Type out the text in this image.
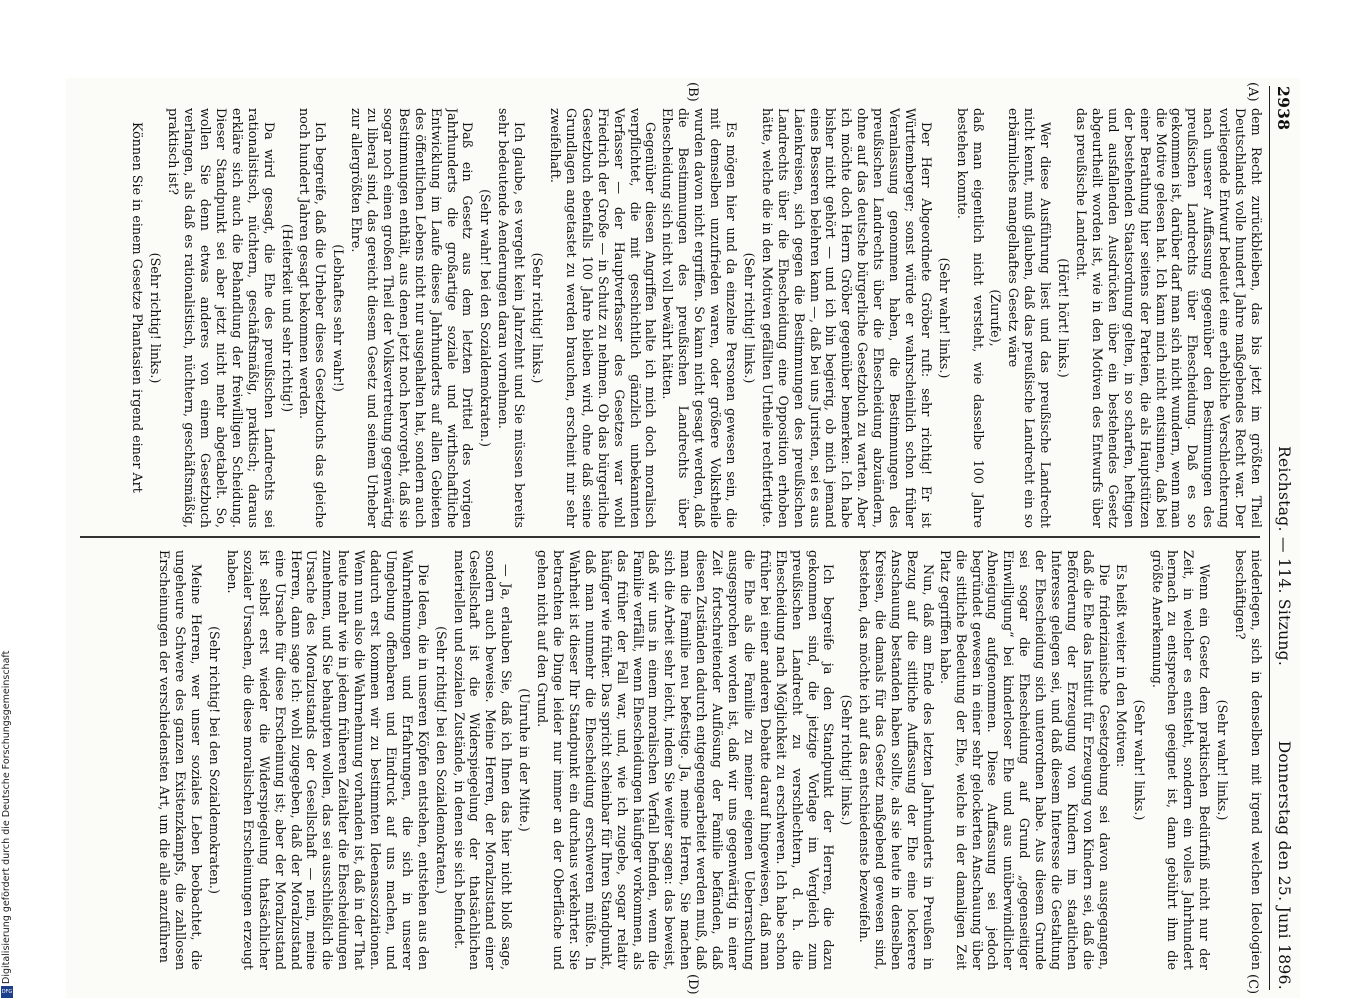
2938
Reichstag. — 114. Sitzung.
Donnerstag den 25. Juni 1896.
(A)
(B)
(C)
(D)

dem Recht zurückbleiben, das bis jetzt im größten Theil Deutschlands volle hundert Jahre maßgebendes Recht war. Der vorliegende Entwurf bedeutet eine erhebliche Verschlechterung nach unserer Auffassung gegenüber den Bestimmungen des preußischen Landrechts über Ehescheidung. Daß es so gekommen ist, darüber darf man sich nicht wundern, wenn man die Motive gelesen hat. Ich kann mich nicht entsinnen, daß bei einer Berathung hier seitens der Parteien, die als Hauptstützen der bestehenden Staatsordnung gelten, in so scharfen, heftigen und ausfallenden Ausdrücken über ein bestehendes Gesetz abgeurtheilt worden ist, wie in den Motiven des Entwurfs über das preußische Landrecht.

(Hört! hört! links.)

Wer diese Ausführung liest und das preußische Landrecht nicht kennt, muß glauben, daß das preußische Landrecht ein so erbärmliches mangelhaftes Gesetz wäre

(Zurufe),

daß man eigentlich nicht versteht, wie dasselbe 100 Jahre bestehen konnte.

(Sehr wahr! links.)

Der Herr Abgeordnete Gröber ruft: sehr richtig! Er ist Württemberger; sonst würde er wahrscheinlich schon früher Veranlassung genommen haben, die Bestimmungen des preußischen Landrechts über die Ehescheidung abzuändern, ohne auf das deutsche bürgerliche Gesetzbuch zu warten. Aber ich möchte doch Herrn Gröber gegenüber bemerken: Ich habe bisher nicht gehört — und ich bin begierig, ob mich jemand eines Besseren belehren kann —, daß bei uns Juristen, sei es aus Laienkreisen, sich gegen die Bestimmungen des preußischen Landrechts über die Ehescheidung eine Opposition erhoben hätte, welche die in den Motiven gefällten Urtheile rechtfertigte.

(Sehr richtig! links.)

Es mögen hier und da einzelne Personen gewesen sein, die mit demselben unzufrieden waren, oder größere Volkstheile wurden davon nicht ergriffen. So kann nicht gesagt werden, daß die Bestimmungen des preußischen Landrechts über Ehescheidung sich nicht voll bewährt hätten.

Gegenüber diesen Angriffen halte ich mich doch moralisch verpflichtet, die mit geschichtlich gänzlich unbekannten Verfasser — der Hauptverfasser des Gesetzes war wohl Friedrich der Große — in Schutz zu nehmen. Ob das bürgerliche Gesetzbuch ebenfalls 100 Jahre bleiben wird, ohne daß seine Grundlagen angetastet zu werden brauchen, erscheint mir sehr zweifelhaft.

(Sehr richtig! links.)

Ich glaube, es vergeht kein Jahrzehnt und Sie müssen bereits sehr bedeutende Aenderungen daran vornehmen.

(Sehr wahr! bei den Sozialdemokraten.)

Daß ein Gesetz aus dem letzten Drittel des vorigen Jahrhunderts die großartige soziale und wirthschaftliche Entwicklung im Laufe dieses Jahrhunderts auf allen Gebieten des öffentlichen Lebens nicht nur ausgehalten hat, sondern auch Bestimmungen enthält, aus denen jetzt noch hervorgeht, daß sie sogar noch einen großen Theil der Volksvertretung gegenwärtig zu liberal sind, das gereicht diesem Gesetz und seinem Urheber zur allergrößten Ehre.

(Lebhaftes sehr wahr!)

Ich begreife, daß die Urheber dieses Gesetzbuchs das gleiche noch hundert Jahren gesagt bekommen werden.

(Heiterkeit und sehr richtig!)

Da wird gesagt, die Ehe des preußischen Landrechts sei rationalistisch, nüchtern, geschäftsmäßig, praktisch; daraus erkläre sich auch die Behandlung der freiwilligen Scheidung. Dieser Standpunkt sei aber jetzt nicht mehr abgetabelt. So, wollen Sie denn etwas anderes von einem Gesetzbuch verlangen, als daß es rationalistisch, nüchtern, geschäftsmäßig, praktisch ist?

(Sehr richtig! links.)

Können Sie in einem Gesetze Phantasien irgend einer Art

niederlegen, sich in denselben mit irgend welchen Ideologien beschäftigen?

(Sehr wahr! links.)

Wenn ein Gesetz dem praktischen Bedürfniß nicht nur der Zeit, in welcher es entsteht, sondern ein volles Jahrhundert hernach zu entsprechen geeignet ist, dann gebührt ihm die größte Anerkennung.

(Sehr wahr! links.)

Es heißt weiter in den Motiven:

Die friderizianische Gesetzgebung sei davon ausgegangen, daß die Ehe das Institut für Erzeugung von Kindern sei, daß die Beförderung der Erzeugung von Kindern im staatlichen Interesse gelegen sei, und daß diesem Interesse die Gestaltung der Ehescheidung sich unterordnen habe. Aus diesem Grunde sei sogar die Ehescheidung auf Grund „gegenseitiger Einwilligung“ bei kinderloser Ehe und aus unüberwindlicher Abneigung aufgenommen. Diese Auffassung sei jedoch begründet gewesen in einer sehr gelockerten Anschauung über die sittliche Bedeutung der Ehe, welche in der damaligen Zeit Platz gegriffen habe.

Nun, daß am Ende des letzten Jahrhunderts in Preußen in Bezug auf die sittliche Auffassung der Ehe eine lockerere Anschauung bestanden haben sollte, als sie heute in denselben Kreisen, die damals für das Gesetz maßgebend gewesen sind, bestehen, das möchte ich auf das entschiedenste bezweifeln.

(Sehr richtig! links.)

Ich begreife ja den Standpunkt der Herren, die dazu gekommen sind, die jetzige Vorlage im Vergleich zum preußischen Landrecht zu verschlechtern, d. h. die Ehescheidung nach Möglichkeit zu erschweren. Ich habe schon früher bei einer anderen Debatte darauf hingewiesen, daß man die Ehe als die Familie zu meiner eigenen Ueberraschung ausgesprochen worden ist, daß wir uns gegenwärtig in einer Zeit fortschreitender Auflösung der Familie befänden, daß diesen Zuständen dadurch entgegengearbeitet werden muß, daß man die Familie neu befestige. Ja, meine Herren, Sie machen sich die Arbeit sehr leicht, indem Sie weiter sagen: das beweist, daß wir uns in einem moralischen Verfall befinden, wenn die Familie verfällt, wenn Ehescheidungen häufiger vorkommen, als das früher der Fall war, und, wie ich zugebe, sogar relativ häufiger wie früher. Das spricht scheinbar für Ihren Standpunkt, daß man nunmehr die Ehescheidung erschweren müßte. In Wahrheit ist dieser Ihr Standpunkt ein durchaus verkehrter. Sie betrachten die Dinge leider nur immer an der Oberfläche und gehen nicht auf den Grund.

(Unruhe in der Mitte.)

— Ja, erlauben Sie, daß ich Ihnen das hier nicht bloß sage, sondern auch beweise. Meine Herren, der Moralzustand einer Gesellschaft ist die Widerspiegelung der thatsächlichen materiellen und sozialen Zustände, in denen sie sich befindet.

(Sehr richtig! bei den Sozialdemokraten.)

Die Ideen, die in unseren Köpfen entstehen, entstehen aus den Wahrnehmungen und Erfahrungen, die sich in unserer Umgebung offenbaren und Eindruck auf uns machen, und dadurch erst kommen wir zu bestimmten Ideenassoziationen. Wenn nun also die Wahrnehmung vorhanden ist, daß in der That heute mehr wie in jedem früheren Zeitalter die Ehescheidungen zunehmen, und Sie behaupten wollen, das sei ausschließlich die Ursache des Moralzustands der Gesellschaft — nein, meine Herren, dann sage ich: wohl zugegeben, daß der Moralzustand eine Ursache für diese Erscheinung ist; aber der Moralzustand ist selbst erst wieder die Widerspiegelung thatsächlicher sozialer Ursachen, die diese moralischen Erscheinungen erzeugt haben.

(Sehr richtig! bei den Sozialdemokraten.)

Meine Herren, wer unser soziales Leben beobachtet, die ungeheure Schwere des ganzen Existenzkampfs, die zahllosen Erscheinungen der verschiedensten Art, um die alle anzuführen

Digitalisierung gefördert durch die Deutsche Forschungsgemeinschaft
DFG
